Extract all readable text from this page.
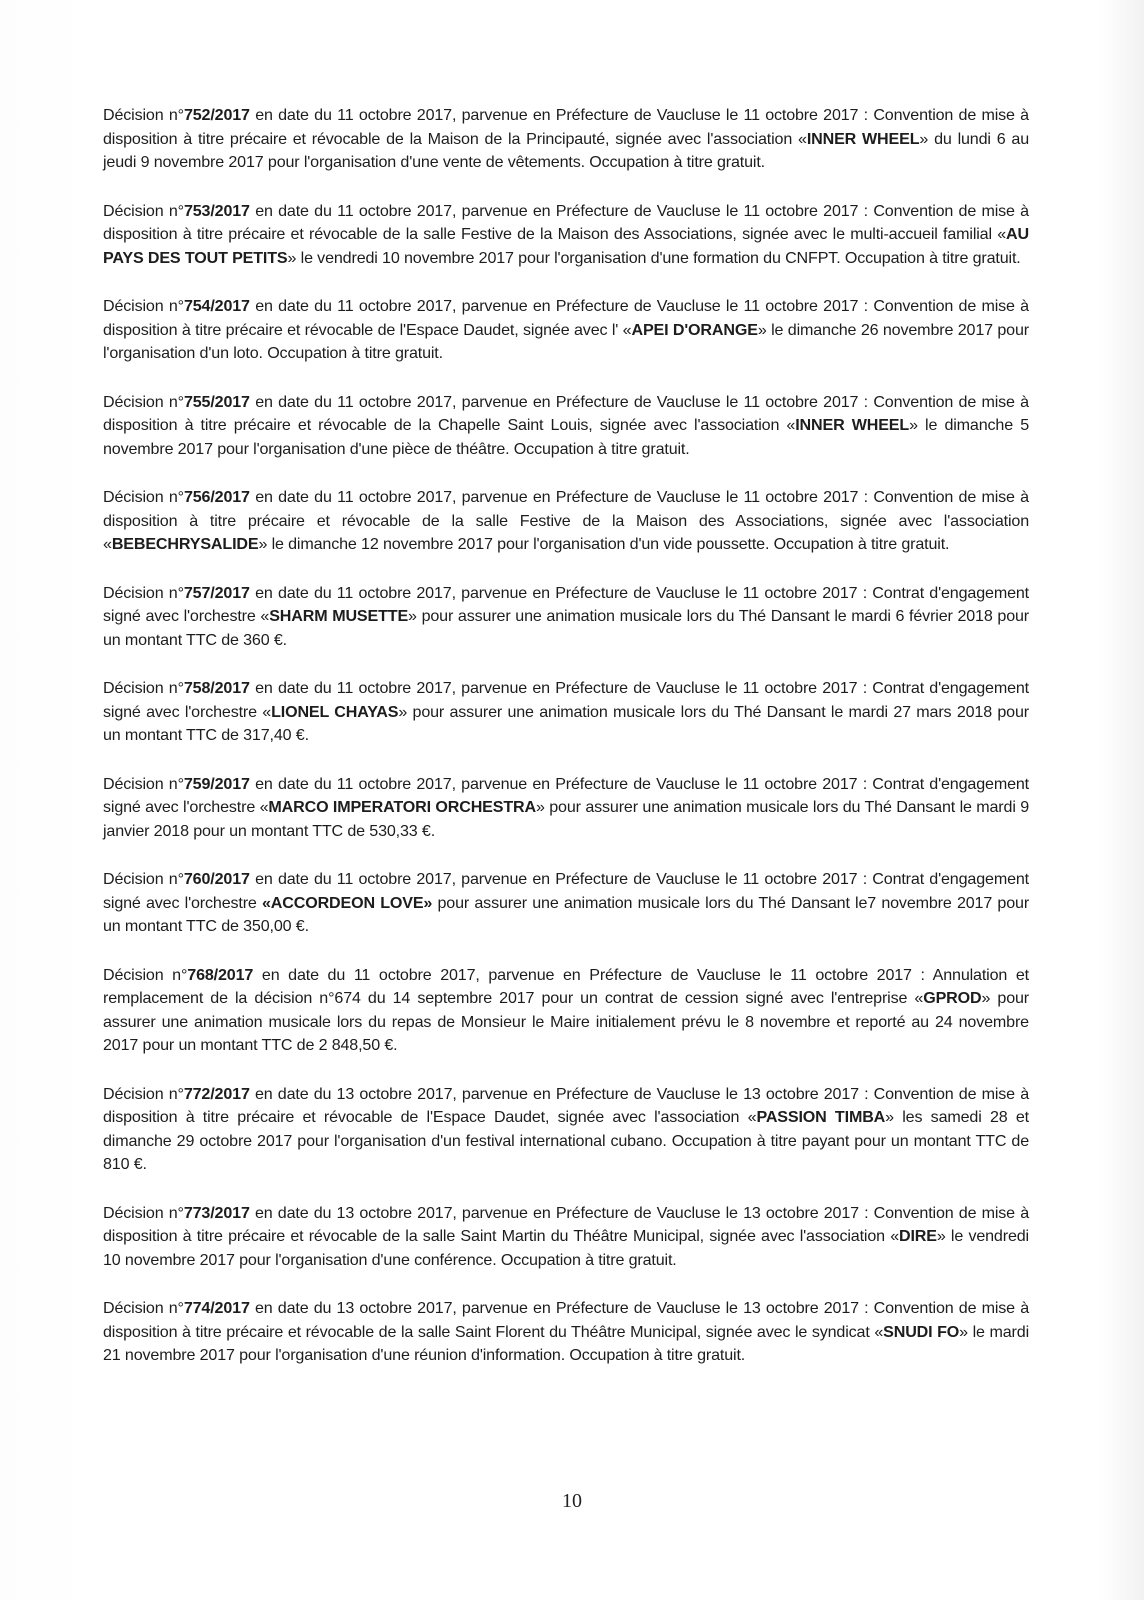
Décision n°752/2017 en date du 11 octobre 2017, parvenue en Préfecture de Vaucluse le 11 octobre 2017 : Convention de mise à disposition à titre précaire et révocable de la Maison de la Principauté, signée avec l'association «INNER WHEEL» du lundi 6 au jeudi 9 novembre 2017 pour l'organisation d'une vente de vêtements. Occupation à titre gratuit.

Décision n°753/2017 en date du 11 octobre 2017, parvenue en Préfecture de Vaucluse le 11 octobre 2017 : Convention de mise à disposition à titre précaire et révocable de la salle Festive de la Maison des Associations, signée avec le multi-accueil familial «AU PAYS DES TOUT PETITS» le vendredi 10 novembre 2017 pour l'organisation d'une formation du CNFPT. Occupation à titre gratuit.

Décision n°754/2017 en date du 11 octobre 2017, parvenue en Préfecture de Vaucluse le 11 octobre 2017 : Convention de mise à disposition à titre précaire et révocable de l'Espace Daudet, signée avec l' «APEI D'ORANGE» le dimanche 26 novembre 2017 pour l'organisation d'un loto. Occupation à titre gratuit.

Décision n°755/2017 en date du 11 octobre 2017, parvenue en Préfecture de Vaucluse le 11 octobre 2017 : Convention de mise à disposition à titre précaire et révocable de la Chapelle Saint Louis, signée avec l'association «INNER WHEEL» le dimanche 5 novembre 2017 pour l'organisation d'une pièce de théâtre. Occupation à titre gratuit.

Décision n°756/2017 en date du 11 octobre 2017, parvenue en Préfecture de Vaucluse le 11 octobre 2017 : Convention de mise à disposition à titre précaire et révocable de la salle Festive de la Maison des Associations, signée avec l'association «BEBECHRYSALIDE» le dimanche 12 novembre 2017 pour l'organisation d'un vide poussette. Occupation à titre gratuit.

Décision n°757/2017 en date du 11 octobre 2017, parvenue en Préfecture de Vaucluse le 11 octobre 2017 : Contrat d'engagement signé avec l'orchestre «SHARM MUSETTE» pour assurer une animation musicale lors du Thé Dansant le mardi 6 février 2018 pour un montant TTC de 360 €.

Décision n°758/2017 en date du 11 octobre 2017, parvenue en Préfecture de Vaucluse le 11 octobre 2017 : Contrat d'engagement signé avec l'orchestre «LIONEL CHAYAS» pour assurer une animation musicale lors du Thé Dansant le mardi 27 mars 2018 pour un montant TTC de 317,40 €.

Décision n°759/2017 en date du 11 octobre 2017, parvenue en Préfecture de Vaucluse le 11 octobre 2017 : Contrat d'engagement signé avec l'orchestre «MARCO IMPERATORI ORCHESTRA» pour assurer une animation musicale lors du Thé Dansant le mardi 9 janvier 2018 pour un montant TTC de 530,33 €.

Décision n°760/2017 en date du 11 octobre 2017, parvenue en Préfecture de Vaucluse le 11 octobre 2017 : Contrat d'engagement signé avec l'orchestre «ACCORDEON LOVE» pour assurer une animation musicale lors du Thé Dansant le7 novembre 2017 pour un montant TTC de 350,00 €.

Décision n°768/2017 en date du 11 octobre 2017, parvenue en Préfecture de Vaucluse le 11 octobre 2017 : Annulation et remplacement de la décision n°674 du 14 septembre 2017 pour un contrat de cession signé avec l'entreprise «GPROD» pour assurer une animation musicale lors du repas de Monsieur le Maire initialement prévu le 8 novembre et reporté au 24 novembre 2017 pour un montant TTC de 2 848,50 €.

Décision n°772/2017 en date du 13 octobre 2017, parvenue en Préfecture de Vaucluse le 13 octobre 2017 : Convention de mise à disposition à titre précaire et révocable de l'Espace Daudet, signée avec l'association «PASSION TIMBA» les samedi 28 et dimanche 29 octobre 2017 pour l'organisation d'un festival international cubano. Occupation à titre payant pour un montant TTC de 810 €.

Décision n°773/2017 en date du 13 octobre 2017, parvenue en Préfecture de Vaucluse le 13 octobre 2017 : Convention de mise à disposition à titre précaire et révocable de la salle Saint Martin du Théâtre Municipal, signée avec l'association «DIRE» le vendredi 10 novembre 2017 pour l'organisation d'une conférence. Occupation à titre gratuit.

Décision n°774/2017 en date du 13 octobre 2017, parvenue en Préfecture de Vaucluse le 13 octobre 2017 : Convention de mise à disposition à titre précaire et révocable de la salle Saint Florent du Théâtre Municipal, signée avec le syndicat «SNUDI FO» le mardi 21 novembre 2017 pour l'organisation d'une réunion d'information. Occupation à titre gratuit.

10
